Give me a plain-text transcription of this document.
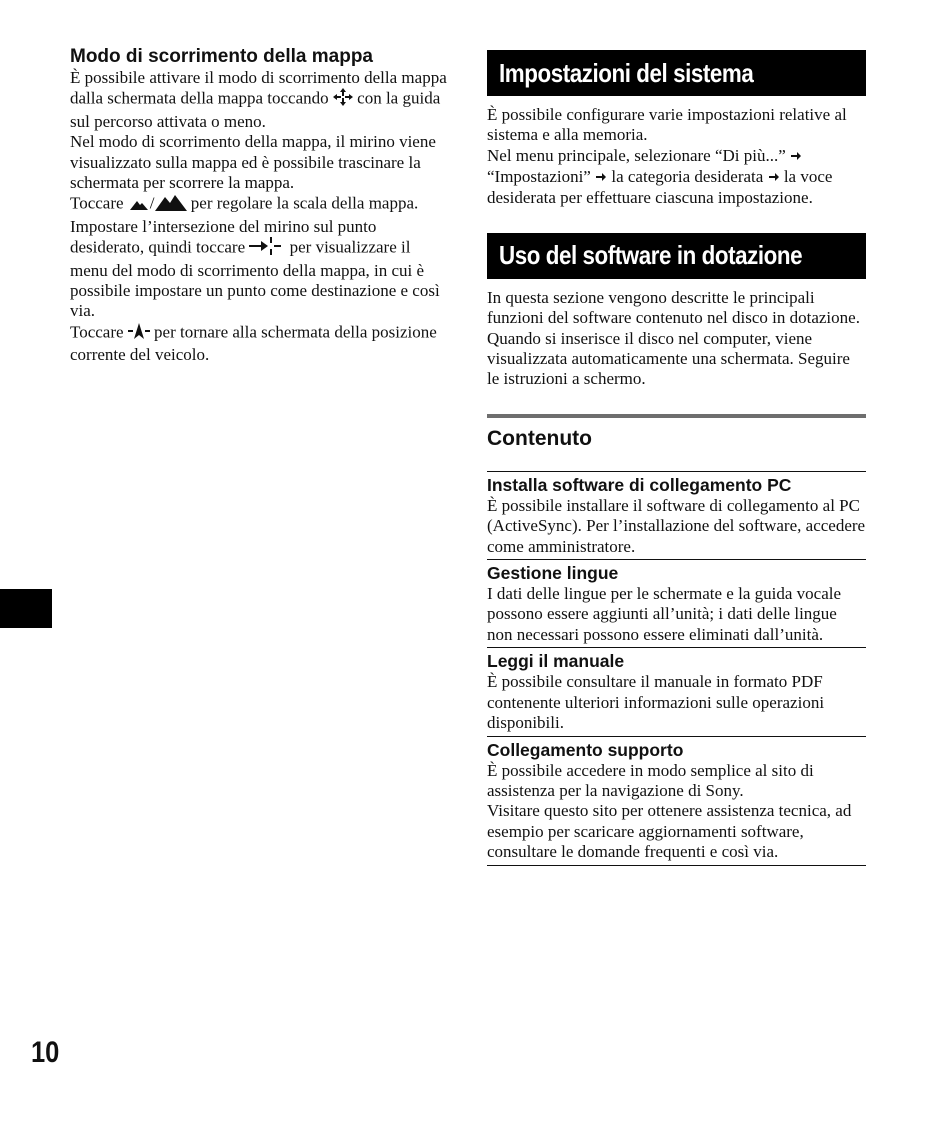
Modo di scorrimento della mappa

È possibile attivare il modo di scorrimento della mappa dalla schermata della mappa toccando con la guida sul percorso attivata o meno.

Nel modo di scorrimento della mappa, il mirino viene visualizzato sulla mappa ed è possibile trascinare la schermata per scorrere la mappa.

Toccare / per regolare la scala della mappa.

Impostare l’intersezione del mirino sul punto desiderato, quindi toccare	per visualizzare il menu del modo di scorrimento della mappa, in cui è possibile impostare un punto come destinazione e così via.

Toccare per tornare alla schermata della posizione corrente del veicolo.

Impostazioni del sistema

È possibile configurare varie impostazioni relative al sistema e alla memoria.

Nel menu principale, selezionare “Di più...”  “Impostazioni” la categoria desiderata la voce desiderata per effettuare ciascuna impostazione.

Uso del software in dotazione

In questa sezione vengono descritte le principali funzioni del software contenuto nel disco in dotazione.

Quando si inserisce il disco nel computer, viene visualizzata automaticamente una schermata. Seguire le istruzioni a schermo.

Contenuto

Installa software di collegamento PC

È possibile installare il software di collegamento al PC (ActiveSync). Per l’installazione del software, accedere come amministratore.

Gestione lingue

I dati delle lingue per le schermate e la guida vocale possono essere aggiunti all’unità; i dati delle lingue non necessari possono essere eliminati dall’unità.

Leggi il manuale

È possibile consultare il manuale in formato PDF contenente ulteriori informazioni sulle operazioni disponibili.

Collegamento supporto

È possibile accedere in modo semplice al sito di assistenza per la navigazione di Sony.
Visitare questo sito per ottenere assistenza tecnica, ad esempio per scaricare aggiornamenti software, consultare le domande frequenti e così via.

10
